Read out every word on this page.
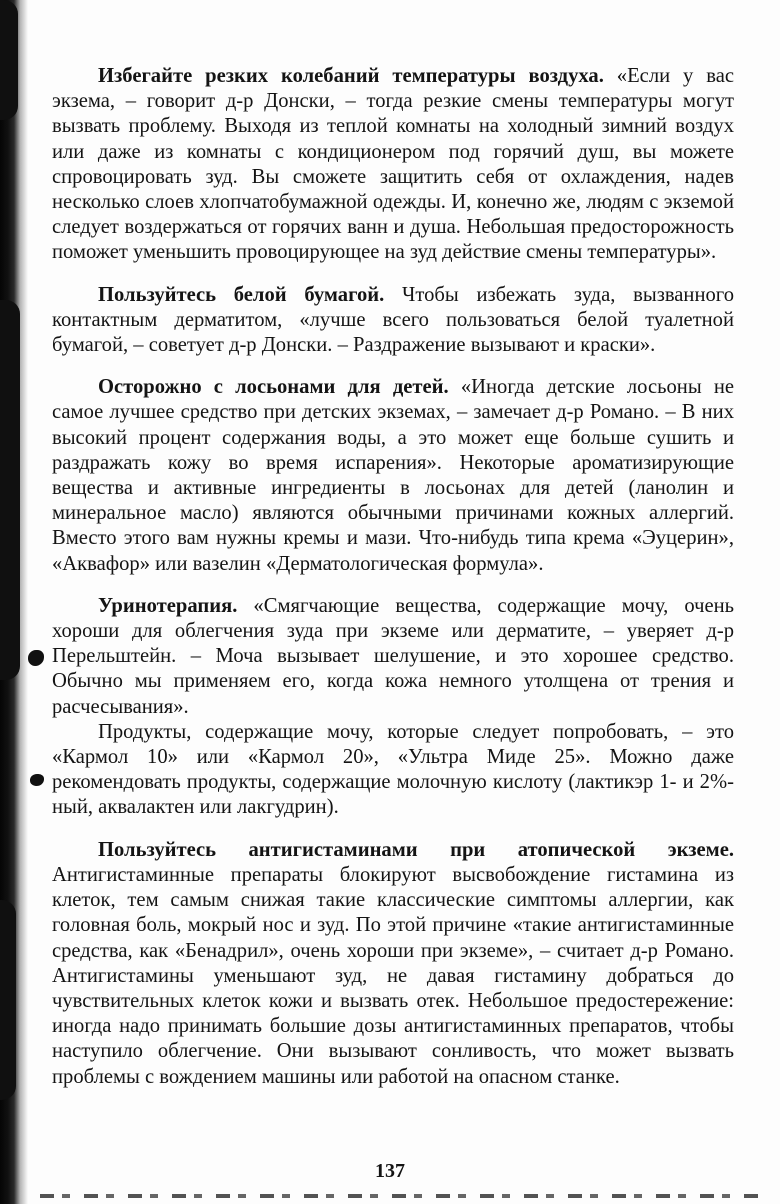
Избегайте резких колебаний температуры воздуха. «Если у вас экзема, – говорит д-р Донски, – тогда резкие смены температуры могут вызвать проблему. Выходя из теплой комнаты на холодный зимний воздух или даже из комнаты с кондиционером под горячий душ, вы можете спровоцировать зуд. Вы сможете защитить себя от охлаждения, надев несколько слоев хлопчатобумажной одежды. И, конечно же, людям с экземой следует воздержаться от горячих ванн и душа. Небольшая предосторожность поможет уменьшить провоцирующее на зуд действие смены температуры».

Пользуйтесь белой бумагой. Чтобы избежать зуда, вызванного контактным дерматитом, «лучше всего пользоваться белой туалетной бумагой, – советует д-р Донски. – Раздражение вызывают и краски».

Осторожно с лосьонами для детей. «Иногда детские лосьоны не самое лучшее средство при детских экземах, – замечает д-р Романо. – В них высокий процент содержания воды, а это может еще больше сушить и раздражать кожу во время испарения». Некоторые ароматизирующие вещества и активные ингредиенты в лосьонах для детей (ланолин и минеральное масло) являются обычными причинами кожных аллергий. Вместо этого вам нужны кремы и мази. Что-нибудь типа крема «Эуцерин», «Аквафор» или вазелин «Дерматологическая формула».

Уринотерапия. «Смягчающие вещества, содержащие мочу, очень хороши для облегчения зуда при экземе или дерматите, – уверяет д-р Перельштейн. – Моча вызывает шелушение, и это хорошее средство. Обычно мы применяем его, когда кожа немного утолщена от трения и расчесывания».

Продукты, содержащие мочу, которые следует попробовать, – это «Кармол 10» или «Кармол 20», «Ультра Миде 25». Можно даже рекомендовать продукты, содержащие молочную кислоту (лактикэр 1- и 2%-ный, аквалактен или лакгудрин).

Пользуйтесь антигистаминами при атопической экземе. Антигистаминные препараты блокируют высвобождение гистамина из клеток, тем самым снижая такие классические симптомы аллергии, как головная боль, мокрый нос и зуд. По этой причине «такие антигистаминные средства, как «Бенадрил», очень хороши при экземе», – считает д-р Романо. Антигистамины уменьшают зуд, не давая гистамину добраться до чувствительных клеток кожи и вызвать отек. Небольшое предостережение: иногда надо принимать большие дозы антигистаминных препаратов, чтобы наступило облегчение. Они вызывают сонливость, что может вызвать проблемы с вождением машины или работой на опасном станке.

137
